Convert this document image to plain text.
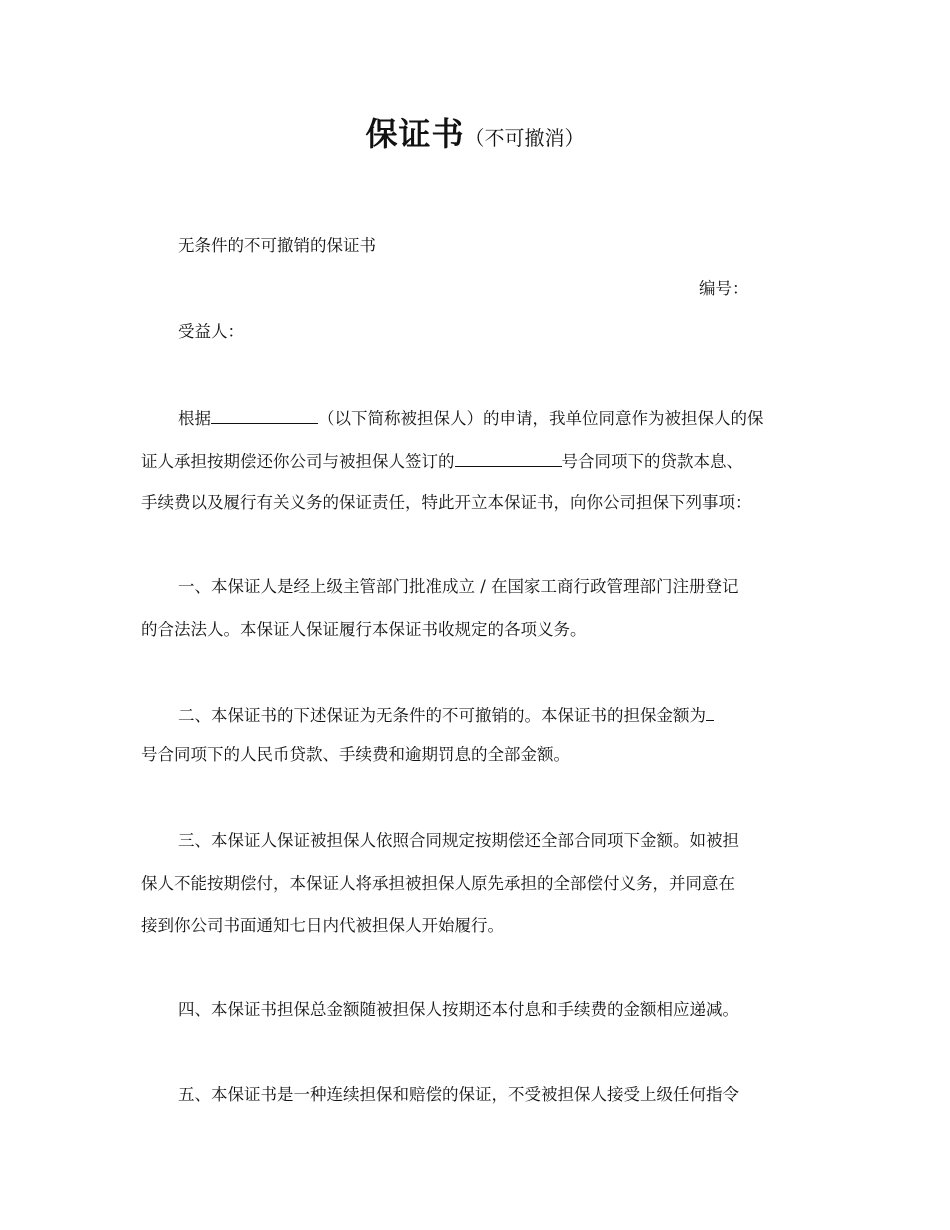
保证书（不可撤消）
无条件的不可撤销的保证书
编号：
受益人：
根据	（以下简称被担保人）的申请，我单位同意作为被担保人的保
证人承担按期偿还你公司与被担保人签订的	号合同项下的贷款本息、
手续费以及履行有关义务的保证责任，特此开立本保证书，向你公司担保下列事项：
一、本保证人是经上级主管部门批准成立 / 在国家工商行政管理部门注册登记
的合法法人。本保证人保证履行本保证书收规定的各项义务。
二、本保证书的下述保证为无条件的不可撤销的。本保证书的担保金额为
号合同项下的人民币贷款、手续费和逾期罚息的全部金额。
三、本保证人保证被担保人依照合同规定按期偿还全部合同项下金额。如被担
保人不能按期偿付，本保证人将承担被担保人原先承担的全部偿付义务，并同意在
接到你公司书面通知七日内代被担保人开始履行。
四、本保证书担保总金额随被担保人按期还本付息和手续费的金额相应递减。
五、本保证书是一种连续担保和赔偿的保证，不受被担保人接受上级任何指令
